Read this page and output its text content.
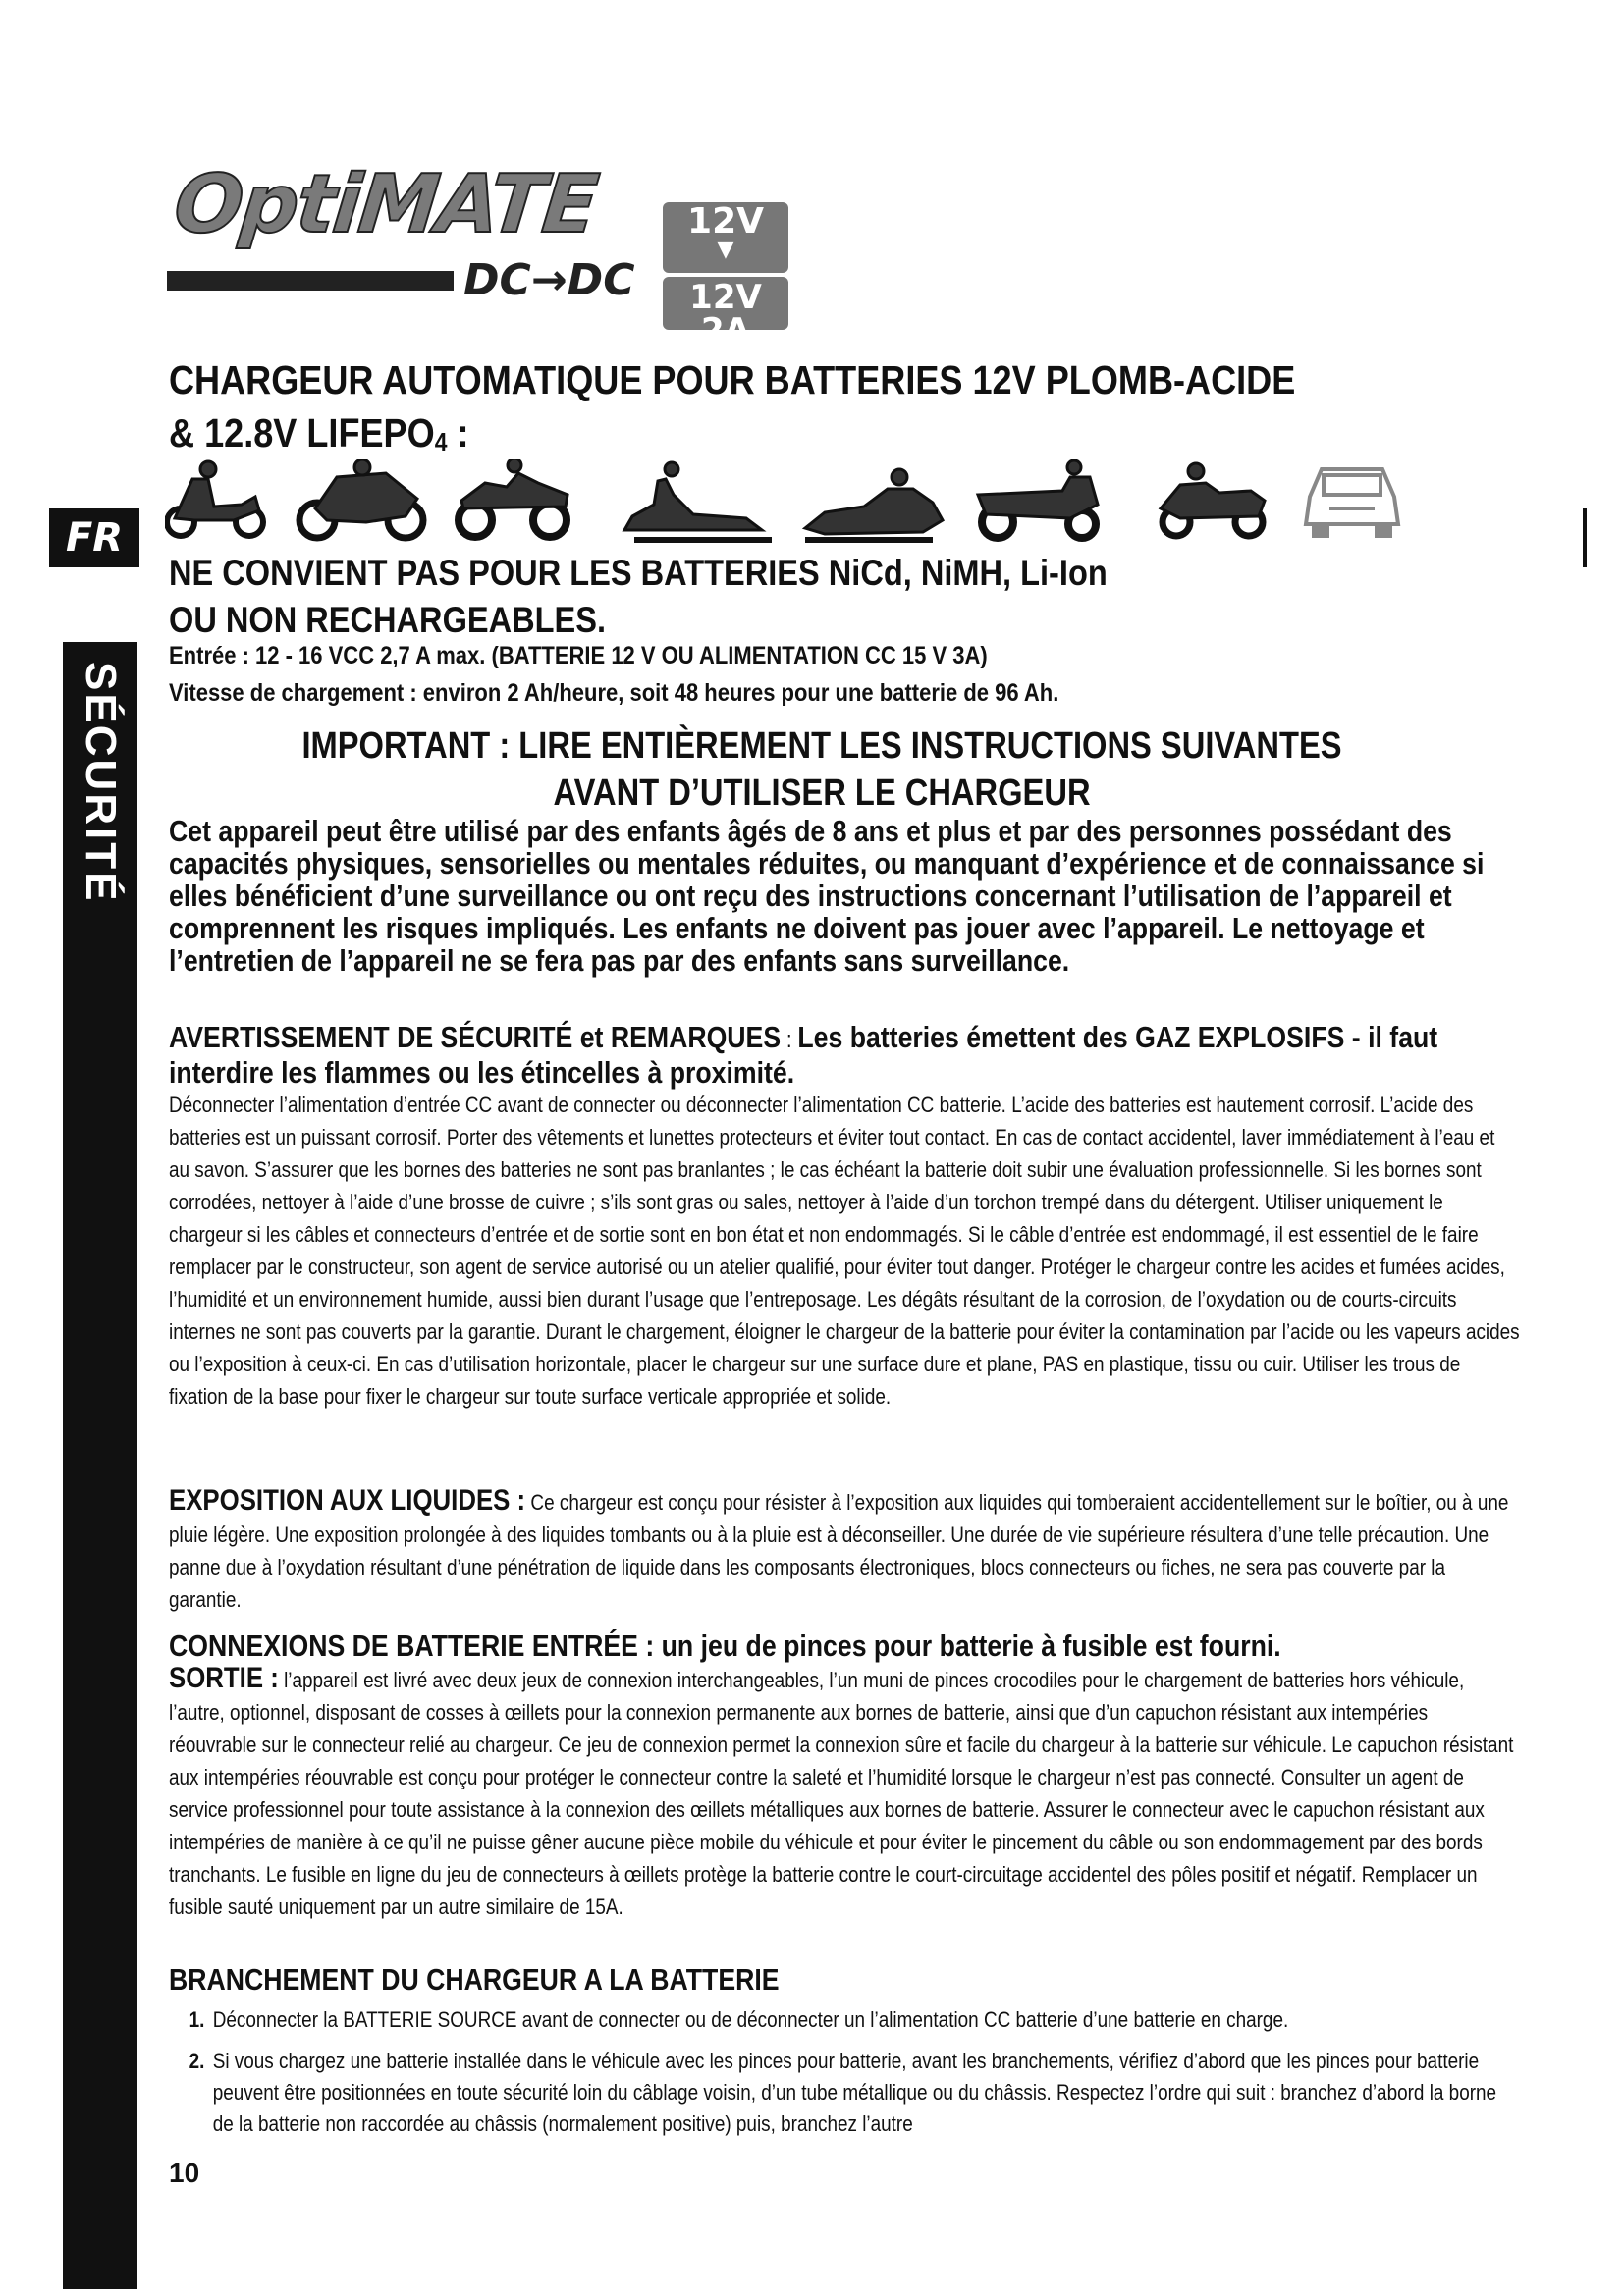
OptiMATE
DC→DC
12V
▼
12V 2A
FR
SÉCURITÉ
CHARGEUR AUTOMATIQUE POUR BATTERIES 12V PLOMB-ACIDE
& 12.8V $LIFEPO_4$ :
NE CONVIENT PAS POUR LES BATTERIES NiCd, NiMH, Li-Ion
OU NON RECHARGEABLES.
Entrée : 12 - 16 VCC 2,7 A max. (BATTERIE 12 V OU ALIMENTATION CC 15 V 3A)
Vitesse de chargement : environ 2 Ah/heure, soit 48 heures pour une batterie de 96 Ah.
IMPORTANT : LIRE ENTIÈREMENT LES INSTRUCTIONS SUIVANTES
AVANT D’UTILISER LE CHARGEUR
Cet appareil peut être utilisé par des enfants âgés de 8 ans et plus et par des personnes possédant des capacités physiques, sensorielles ou mentales réduites, ou manquant d’expérience et de connaissance si elles bénéficient d’une surveillance ou ont reçu des instructions concernant l’utilisation de l’appareil et comprennent les risques impliqués. Les enfants ne doivent pas jouer avec l’appareil. Le nettoyage et l’entretien de l’appareil ne se fera pas par des enfants sans surveillance.
AVERTISSEMENT DE SÉCURITÉ et REMARQUES : Les batteries émettent des GAZ EXPLOSIFS - il faut interdire les flammes ou les étincelles à proximité.
Déconnecter l’alimentation d’entrée CC avant de connecter ou déconnecter l’alimentation CC batterie. L’acide des batteries est hautement corrosif. L’acide des batteries est un puissant corrosif. Porter des vêtements et lunettes protecteurs et éviter tout contact. En cas de contact accidentel, laver immédiatement à l’eau et au savon. S’assurer que les bornes des batteries ne sont pas branlantes ; le cas échéant la batterie doit subir une évaluation professionnelle. Si les bornes sont corrodées, nettoyer à l’aide d’une brosse de cuivre ; s’ils sont gras ou sales, nettoyer à l’aide d’un torchon trempé dans du détergent. Utiliser uniquement le chargeur si les câbles et connecteurs d’entrée et de sortie sont en bon état et non endommagés. Si le câble d’entrée est endommagé, il est essentiel de le faire remplacer par le constructeur, son agent de service autorisé ou un atelier qualifié, pour éviter tout danger. Protéger le chargeur contre les acides et fumées acides, l’humidité et un environnement humide, aussi bien durant l’usage que l’entreposage. Les dégâts résultant de la corrosion, de l’oxydation ou de courts-circuits internes ne sont pas couverts par la garantie. Durant le chargement, éloigner le chargeur de la batterie pour éviter la contamination par l’acide ou les vapeurs acides ou l’exposition à ceux-ci. En cas d’utilisation horizontale, placer le chargeur sur une surface dure et plane, PAS en plastique, tissu ou cuir. Utiliser les trous de fixation de la base pour fixer le chargeur sur toute surface verticale appropriée et solide.
EXPOSITION AUX LIQUIDES : Ce chargeur est conçu pour résister à l’exposition aux liquides qui tomberaient accidentellement sur le boîtier, ou à une pluie légère. Une exposition prolongée à des liquides tombants ou à la pluie est à déconseiller. Une durée de vie supérieure résultera d’une telle précaution. Une panne due à l’oxydation résultant d’une pénétration de liquide dans les composants électroniques, blocs connecteurs ou fiches, ne sera pas couverte par la garantie.
CONNEXIONS DE BATTERIE ENTRÉE : un jeu de pinces pour batterie à fusible est fourni.
SORTIE : l’appareil est livré avec deux jeux de connexion interchangeables, l’un muni de pinces crocodiles pour le chargement de batteries hors véhicule, l’autre, optionnel, disposant de cosses à œillets pour la connexion permanente aux bornes de batterie, ainsi que d’un capuchon résistant aux intempéries réouvrable sur le connecteur relié au chargeur. Ce jeu de connexion permet la connexion sûre et facile du chargeur à la batterie sur véhicule. Le capuchon résistant aux intempéries réouvrable est conçu pour protéger le connecteur contre la saleté et l’humidité lorsque le chargeur n’est pas connecté. Consulter un agent de service professionnel pour toute assistance à la connexion des œillets métalliques aux bornes de batterie. Assurer le connecteur avec le capuchon résistant aux intempéries de manière à ce qu’il ne puisse gêner aucune pièce mobile du véhicule et pour éviter le pincement du câble ou son endommagement par des bords tranchants. Le fusible en ligne du jeu de connecteurs à œillets protège la batterie contre le court-circuitage accidentel des pôles positif et négatif. Remplacer un fusible sauté uniquement par un autre similaire de 15A.
BRANCHEMENT DU CHARGEUR A LA BATTERIE
1. Déconnecter la BATTERIE SOURCE avant de connecter ou de déconnecter un l’alimentation CC batterie d’une batterie en charge.
2. Si vous chargez une batterie installée dans le véhicule avec les pinces pour batterie, avant les branchements, vérifiez d’abord que les pinces pour batterie peuvent être positionnées en toute sécurité loin du câblage voisin, d’un tube métallique ou du châssis. Respectez l’ordre qui suit : branchez d’abord la borne de la batterie non raccordée au châssis (normalement positive) puis, branchez l’autre
10
